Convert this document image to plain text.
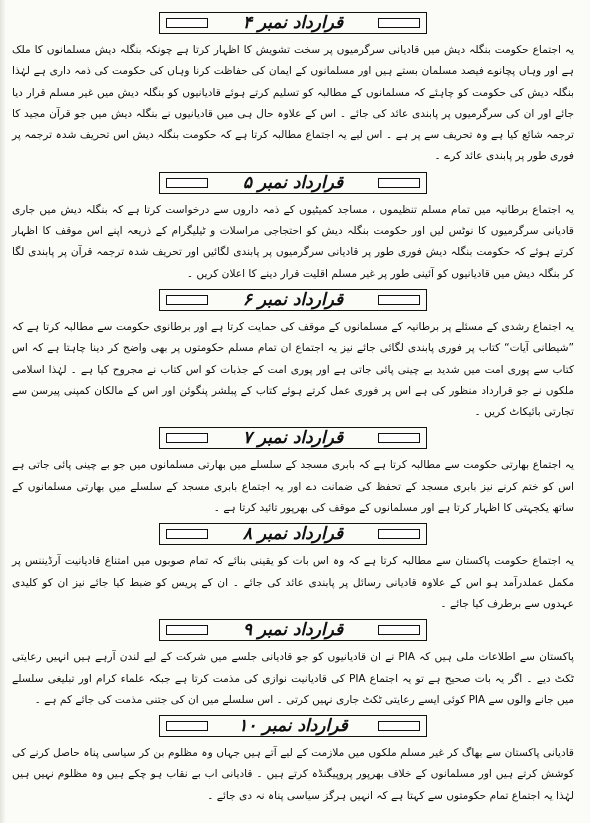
قرارداد نمبر ۴

یہ اجتماع حکومت بنگلہ دیش میں قادیانی سرگرمیوں پر سخت تشویش کا اظہار کرتا ہے چونکہ بنگلہ دیش مسلمانوں کا ملک ہے اور وہاں پچانوے فیصد مسلمان بستے ہیں اور مسلمانوں کے ایمان کی حفاظت کرنا وہاں کی حکومت کی ذمہ داری ہے لہٰذا بنگلہ دیش کی حکومت کو چاہئے کہ مسلمانوں کے مطالبہ کو تسلیم کرتے ہوئے قادیانیوں کو بنگلہ دیش میں غیر مسلم قرار دیا جائے اور ان کی سرگرمیوں پر پابندی عائد کی جائے ۔ اس کے علاوہ حال ہی میں قادیانیوں نے بنگلہ دیش میں جو قرآن مجید کا ترجمہ شائع کیا ہے وہ تحریف سے پر ہے ۔ اس لیے یہ اجتماع مطالبہ کرتا ہے کہ حکومت بنگلہ دیش اس تحریف شدہ ترجمہ پر فوری طور پر پابندی عائد کرے ۔

قرارداد نمبر ۵

یہ اجتماع برطانیہ میں تمام مسلم تنظیموں ، مساجد کمیٹیوں کے ذمہ داروں سے درخواست کرتا ہے کہ بنگلہ دیش میں جاری قادیانی سرگرمیوں کا نوٹس لیں اور حکومت بنگلہ دیش کو احتجاجی مراسلات و ٹیلیگرام کے ذریعہ اپنے اس موقف کا اظہار کرتے ہوئے کہ حکومت بنگلہ دیش فوری طور پر قادیانی سرگرمیوں پر پابندی لگائیں اور تحریف شدہ ترجمہ قرآن پر پابندی لگا کر بنگلہ دیش میں قادیانیوں کو آئینی طور پر غیر مسلم اقلیت قرار دینے کا اعلان کریں ۔

قرارداد نمبر ۶

یہ اجتماع رشدی کے مسئلے پر برطانیہ کے مسلمانوں کے موقف کی حمایت کرتا ہے اور برطانوی حکومت سے مطالبہ کرتا ہے کہ ”شیطانی آیات“ کتاب پر فوری پابندی لگائی جائے نیز یہ اجتماع ان تمام مسلم حکومتوں پر بھی واضح کر دینا چاہتا ہے کہ اس کتاب سے پوری امت میں شدید بے چینی پائی جاتی ہے اور پوری امت کے جذبات کو اس کتاب نے مجروح کیا ہے ۔ لہٰذا اسلامی ملکوں نے جو قرارداد منظور کی ہے اس پر فوری عمل کرتے ہوئے کتاب کے پبلشر پنگوئن اور اس کے مالکان کمپنی پیرسن سے تجارتی بائیکاٹ کریں ۔

قرارداد نمبر ۷

یہ اجتماع بھارتی حکومت سے مطالبہ کرتا ہے کہ بابری مسجد کے سلسلے میں بھارتی مسلمانوں میں جو بے چینی پائی جاتی ہے اس کو ختم کرنے نیز بابری مسجد کے تحفظ کی ضمانت دے اور یہ اجتماع بابری مسجد کے سلسلے میں بھارتی مسلمانوں کے ساتھ یکجہتی کا اظہار کرتا ہے اور مسلمانوں کے موقف کی بھرپور تائید کرتا ہے ۔

قرارداد نمبر ۸

یہ اجتماع حکومت پاکستان سے مطالبہ کرتا ہے کہ وہ اس بات کو یقینی بنائے کہ تمام صوبوں میں امتناع قادیانیت آرڈیننس پر مکمل عملدرآمد ہو اس کے علاوہ قادیانی رسائل پر پابندی عائد کی جائے ۔ ان کے پریس کو ضبط کیا جائے نیز ان کو کلیدی عہدوں سے برطرف کیا جائے ۔

قرارداد نمبر ۹

پاکستان سے اطلاعات ملی ہیں کہ PIA نے ان قادیانیوں کو جو قادیانی جلسے میں شرکت کے لیے لندن آرہے ہیں انہیں رعایتی ٹکٹ دیے ۔ اگر یہ بات صحیح ہے تو یہ اجتماع PIA کی قادیانیت نوازی کی مذمت کرتا ہے جبکہ علماء کرام اور تبلیغی سلسلے میں جانے والوں سے PIA کوئی ایسے رعایتی ٹکٹ جاری نہیں کرتی ۔ اس سلسلے میں ان کی جتنی مذمت کی جائے کم ہے ۔

قرارداد نمبر ۱۰

قادیانی پاکستان سے بھاگ کر غیر مسلم ملکوں میں ملازمت کے لیے آتے ہیں جہاں وہ مظلوم بن کر سیاسی پناہ حاصل کرنے کی کوشش کرتے ہیں اور مسلمانوں کے خلاف بھرپور پروپیگنڈہ کرتے ہیں ۔ قادیانی اب بے نقاب ہو چکے ہیں وہ مظلوم نہیں ہیں لہٰذا یہ اجتماع تمام حکومتوں سے کہتا ہے کہ انہیں ہرگز سیاسی پناہ نہ دی جائے ۔
